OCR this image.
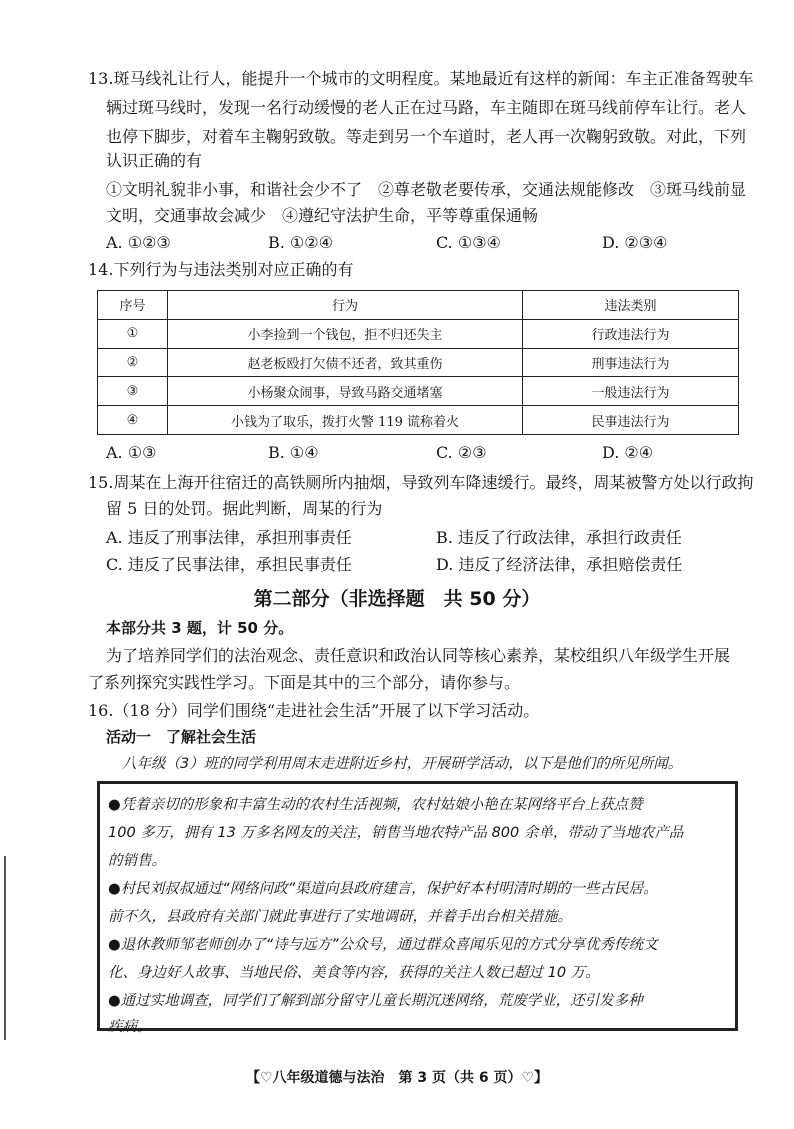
13.斑马线礼让行人，能提升一个城市的文明程度。某地最近有这样的新闻：车主正准备驾驶车
辆过斑马线时，发现一名行动缓慢的老人正在过马路，车主随即在斑马线前停车让行。老人
也停下脚步，对着车主鞠躬致敬。等走到另一个车道时，老人再一次鞠躬致敬。对此，下列
认识正确的有
①文明礼貌非小事，和谐社会少不了　②尊老敬老要传承，交通法规能修改　③斑马线前显
文明，交通事故会减少　④遵纪守法护生命，平等尊重保通畅
A. ①②③	B. ①②④	C. ①③④	D. ②③④
14.下列行为与违法类别对应正确的有
序号	行为	违法类别
①	小李捡到一个钱包，拒不归还失主	行政违法行为
②	赵老板殴打欠债不还者，致其重伤	刑事违法行为
③	小杨聚众闹事，导致马路交通堵塞	一般违法行为
④	小钱为了取乐，拨打火警 119 谎称着火	民事违法行为
A. ①③	B. ①④	C. ②③	D. ②④
15.周某在上海开往宿迁的高铁厕所内抽烟，导致列车降速缓行。最终，周某被警方处以行政拘
留 5 日的处罚。据此判断，周某的行为
A. 违反了刑事法律，承担刑事责任	B. 违反了行政法律，承担行政责任
C. 违反了民事法律，承担民事责任	D. 违反了经济法律，承担赔偿责任
第二部分（非选择题　共 50 分）
本部分共 3 题，计 50 分。
为了培养同学们的法治观念、责任意识和政治认同等核心素养，某校组织八年级学生开展
了系列探究实践性学习。下面是其中的三个部分，请你参与。
16.（18 分）同学们围绕“走进社会生活”开展了以下学习活动。
活动一　了解社会生活
八年级（3）班的同学利用周末走进附近乡村，开展研学活动，以下是他们的所见所闻。
●凭着亲切的形象和丰富生动的农村生活视频，农村姑娘小艳在某网络平台上获点赞
100 多万，拥有 13 万多名网友的关注，销售当地农特产品 800 余单，带动了当地农产品
的销售。
●村民刘叔叔通过“网络问政”渠道向县政府建言，保护好本村明清时期的一些古民居。
前不久，县政府有关部门就此事进行了实地调研，并着手出台相关措施。
●退休教师邹老师创办了“诗与远方”公众号，通过群众喜闻乐见的方式分享优秀传统文
化、身边好人故事、当地民俗、美食等内容，获得的关注人数已超过 10 万。
●通过实地调查，同学们了解到部分留守儿童长期沉迷网络，荒废学业，还引发多种
疾病。
【♡八年级道德与法治　第 3 页（共 6 页）♡】
